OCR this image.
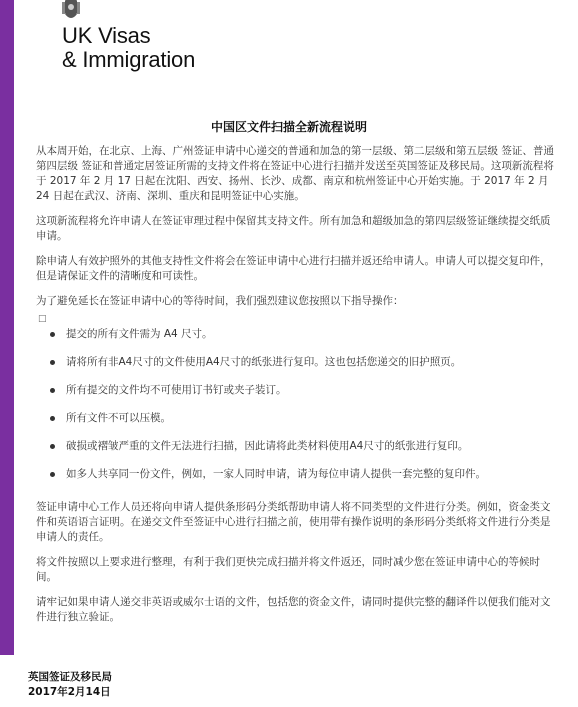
UK Visas
& Immigration
中国区文件扫描全新流程说明

从本周开始，在北京、上海、广州签证申请中心递交的普通和加急的第一层级、第二层级和第五层级 签证、普通第四层级 签证和普通定居签证所需的支持文件将在签证中心进行扫描并发送至英国签证及移民局。这项新流程将于 2017 年 2 月 17 日起在沈阳、西安、扬州、长沙、成都、南京和杭州签证中心开始实施。于 2017 年 2 月 24 日起在武汉、济南、深圳、重庆和昆明签证中心实施。

这项新流程将允许申请人在签证审理过程中保留其支持文件。所有加急和超级加急的第四层级签证继续提交纸质申请。

除申请人有效护照外的其他支持性文件将会在签证申请中心进行扫描并返还给申请人。申请人可以提交复印件，但是请保证文件的清晰度和可读性。

为了避免延长在签证申请中心的等待时间，我们强烈建议您按照以下指导操作：

□
提交的所有文件需为 A4 尺寸。
请将所有非A4尺寸的文件使用A4尺寸的纸张进行复印。这也包括您递交的旧护照页。
所有提交的文件均不可使用订书钉或夹子装订。
所有文件不可以压模。
破损或褶皱严重的文件无法进行扫描，因此请将此类材料使用A4尺寸的纸张进行复印。
如多人共享同一份文件，例如，一家人同时申请，请为每位申请人提供一套完整的复印件。

签证申请中心工作人员还将向申请人提供条形码分类纸帮助申请人将不同类型的文件进行分类。例如，资金类文件和英语语言证明。在递交文件至签证中心进行扫描之前，使用带有操作说明的条形码分类纸将文件进行分类是申请人的责任。

将文件按照以上要求进行整理，有利于我们更快完成扫描并将文件返还，同时减少您在签证申请中心的等候时间。

请牢记如果申请人递交非英语或威尔士语的文件，包括您的资金文件，请同时提供完整的翻译件以便我们能对文件进行独立验证。

英国签证及移民局
2017年2月14日
